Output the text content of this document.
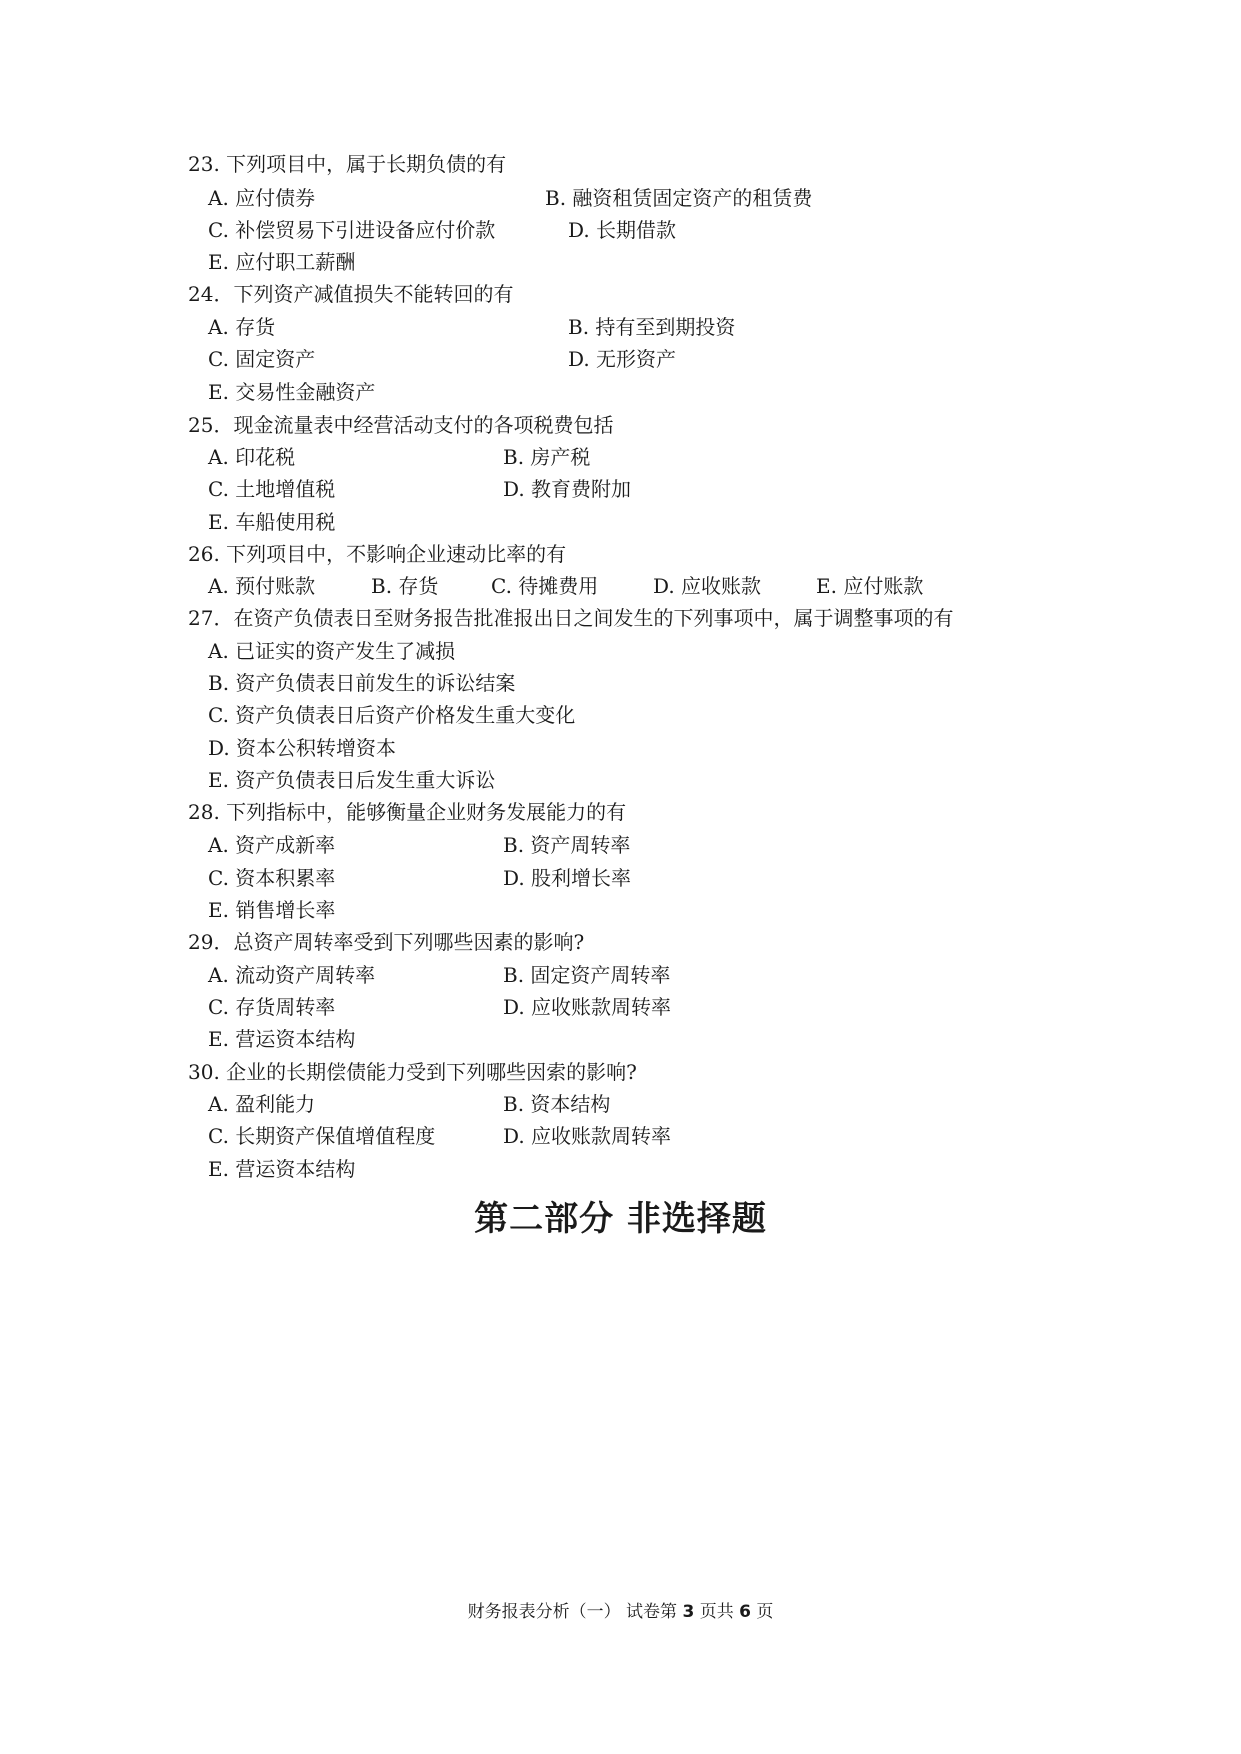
23. 下列项目中，属于长期负债的有
A. 应付债券	B. 融资租赁固定资产的租赁费
C. 补偿贸易下引进设备应付价款	D. 长期借款
E. 应付职工薪酬
24．下列资产减值损失不能转回的有
A. 存货	B. 持有至到期投资
C. 固定资产	D. 无形资产
E. 交易性金融资产
25．现金流量表中经营活动支付的各项税费包括
A. 印花税	B. 房产税
C. 土地增值税	D. 教育费附加
E. 车船使用税
26. 下列项目中，不影响企业速动比率的有
A. 预付账款	B. 存货	C. 待摊费用	D. 应收账款	E. 应付账款
27．在资产负债表日至财务报告批准报出日之间发生的下列事项中，属于调整事项的有
A. 已证实的资产发生了减损
B. 资产负债表日前发生的诉讼结案
C. 资产负债表日后资产价格发生重大变化
D. 资本公积转增资本
E. 资产负债表日后发生重大诉讼
28. 下列指标中，能够衡量企业财务发展能力的有
A. 资产成新率	B. 资产周转率
C. 资本积累率	D. 股利增长率
E. 销售增长率
29．总资产周转率受到下列哪些因素的影响?
A. 流动资产周转率	B. 固定资产周转率
C. 存货周转率	D. 应收账款周转率
E. 营运资本结构
30. 企业的长期偿债能力受到下列哪些因索的影响?
A. 盈利能力	B. 资本结构
C. 长期资产保值增值程度	D. 应收账款周转率
E. 营运资本结构
第二部分 非选择题
财务报表分析（一） 试卷第 3 页共 6 页
